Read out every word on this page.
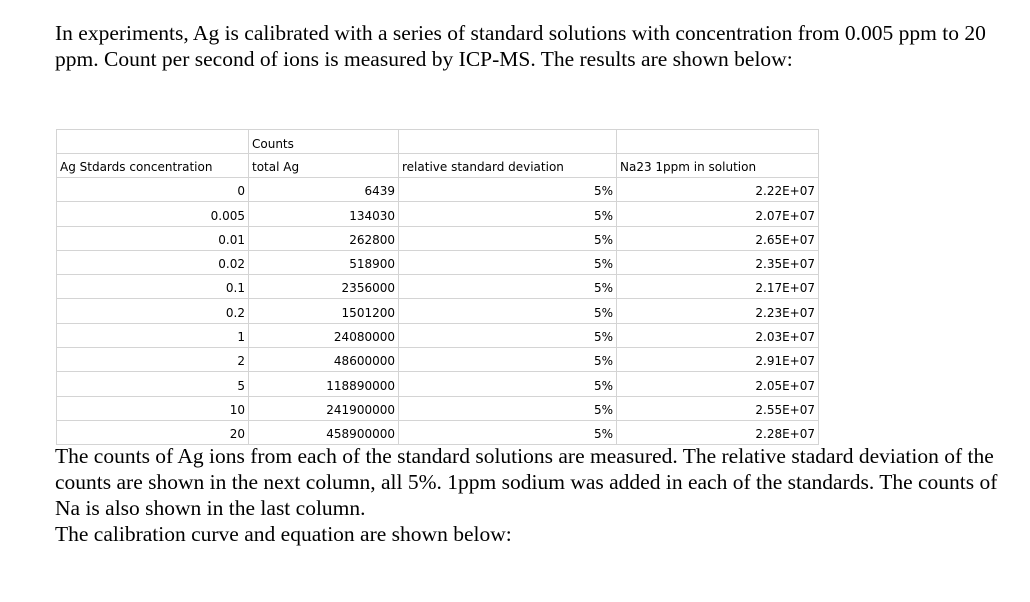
In experiments, Ag is calibrated with a series of standard solutions with concentration from 0.005 ppm to 20 ppm. Count per second of ions is measured by ICP-MS. The results are shown below:

	Counts		
Ag Stdards concentration	total Ag	relative standard deviation	Na23 1ppm in solution
0	6439	5%	2.22E+07
0.005	134030	5%	2.07E+07
0.01	262800	5%	2.65E+07
0.02	518900	5%	2.35E+07
0.1	2356000	5%	2.17E+07
0.2	1501200	5%	2.23E+07
1	24080000	5%	2.03E+07
2	48600000	5%	2.91E+07
5	118890000	5%	2.05E+07
10	241900000	5%	2.55E+07
20	458900000	5%	2.28E+07
The counts of Ag ions from each of the standard solutions are measured. The relative stadard deviation of the counts are shown in the next column, all 5%. 1ppm sodium was added in each of the standards. The counts of Na is also shown in the last column.
The calibration curve and equation are shown below:
